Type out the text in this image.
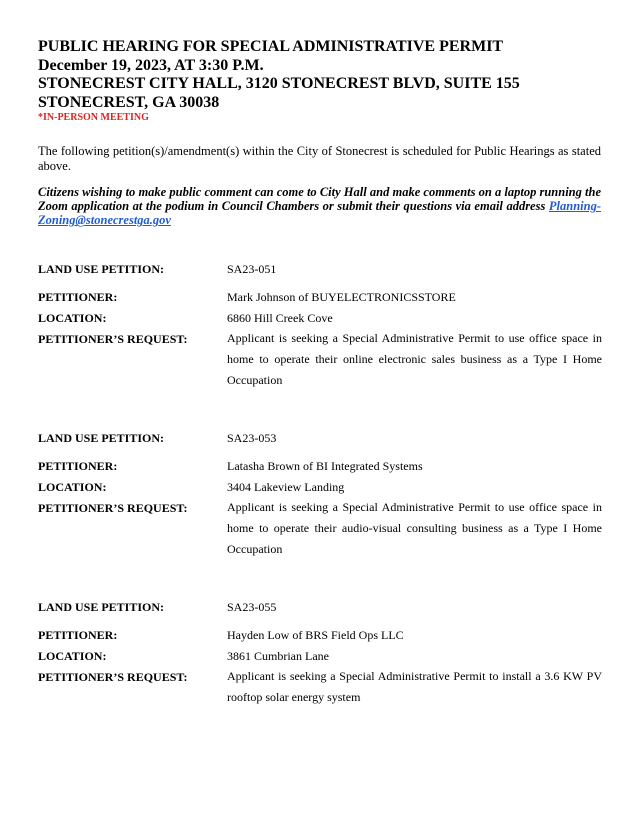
PUBLIC HEARING FOR SPECIAL ADMINISTRATIVE PERMIT
December 19, 2023, AT 3:30 P.M.
STONECREST CITY HALL, 3120 STONECREST BLVD, SUITE 155
STONECREST, GA 30038
*IN-PERSON MEETING
The following petition(s)/amendment(s) within the City of Stonecrest is scheduled for Public Hearings as stated above.
Citizens wishing to make public comment can come to City Hall and make comments on a laptop running the Zoom application at the podium in Council Chambers or submit their questions via email address Planning-Zoning@stonecrestga.gov
LAND USE PETITION:	SA23-051
PETITIONER:	Mark Johnson of BUYELECTRONICSSTORE
LOCATION:	6860 Hill Creek Cove
PETITIONER’S REQUEST:	Applicant is seeking a Special Administrative Permit to use office space in home to operate their online electronic sales business as a Type I Home Occupation
LAND USE PETITION:	SA23-053
PETITIONER:	Latasha Brown of BI Integrated Systems
LOCATION:	3404 Lakeview Landing
PETITIONER’S REQUEST:	Applicant is seeking a Special Administrative Permit to use office space in home to operate their audio-visual consulting business as a Type I Home Occupation
LAND USE PETITION:	SA23-055
PETITIONER:	Hayden Low of BRS Field Ops LLC
LOCATION:	3861 Cumbrian Lane
PETITIONER’S REQUEST:	Applicant is seeking a Special Administrative Permit to install a 3.6 KW PV rooftop solar energy system
